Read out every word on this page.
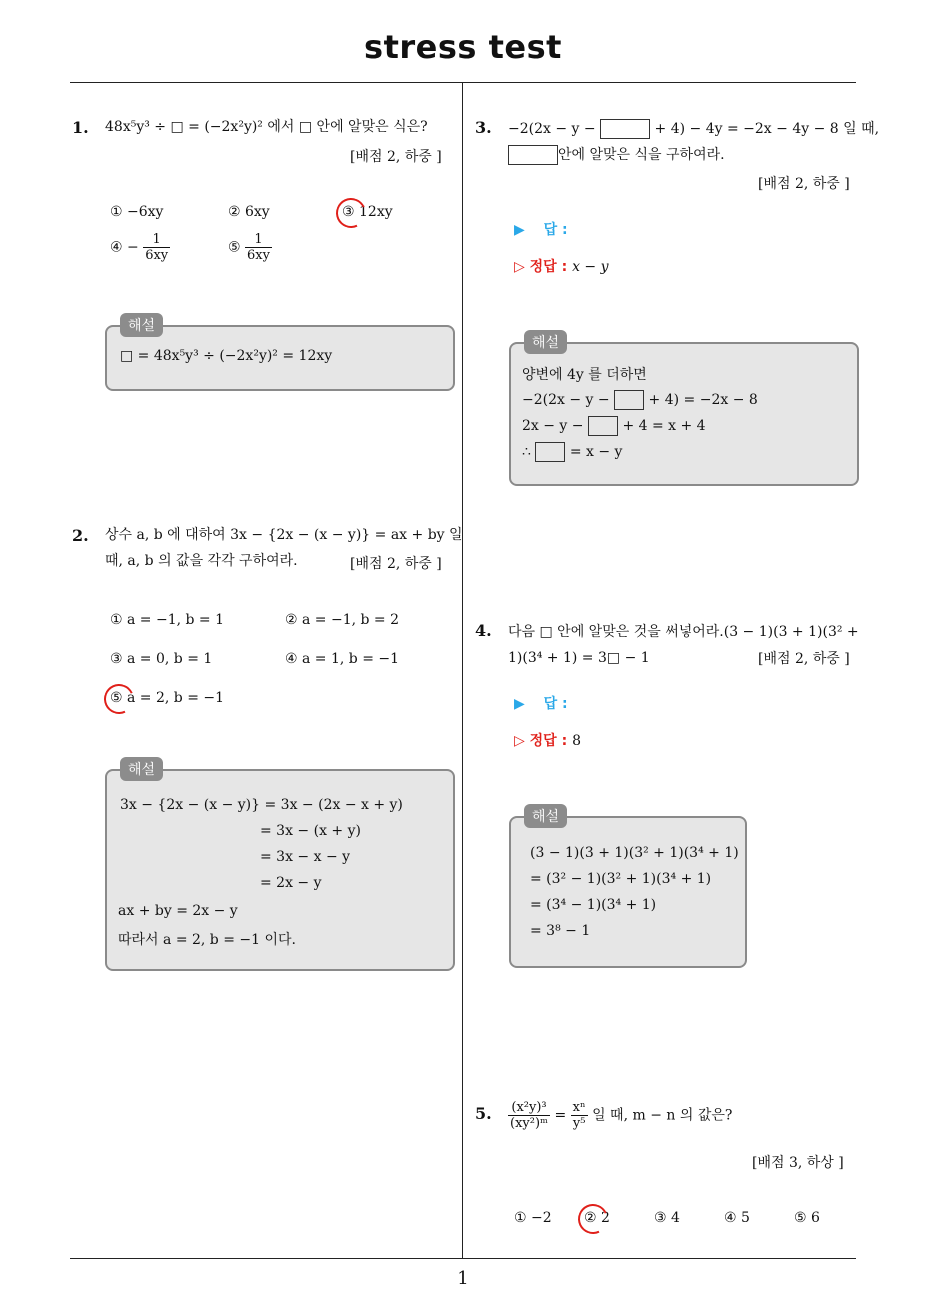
stress test
1
1. 48x⁵y³ ÷ □ = (−2x²y)² 에서 □ 안에 알맞은 식은?
[배점 2, 하중 ]
① −6xy	② 6xy	③ 12xy
④ − $\frac{1}{6xy}$	⑤ $\frac{1}{6xy}$
해설
□ = 48x⁵y³ ÷ (−2x²y)² = 12xy
2. 상수 a, b 에 대하여 3x − {2x − (x − y)} = ax + by 일
때, a, b 의 값을 각각 구하여라.	[배점 2, 하중 ]
① a = −1, b = 1	② a = −1, b = 2
③ a = 0, b = 1	④ a = 1, b = −1
⑤ a = 2, b = −1
해설
3x − {2x − (x − y)} = 3x − (2x − x + y)
= 3x − (x + y)
= 3x − x − y
= 2x − y
ax + by = 2x − y
따라서 a = 2, b = −1 이다.
3. −2(2x − y −	+ 4) − 4y = −2x − 4y − 8 일 때,
안에 알맞은 식을 구하여라.
[배점 2, 하중 ]
▶ 답 :
▷ 정답 : x − y
해설
양변에 4y 를 더하면
−2(2x − y −	+ 4) = −2x − 8
2x − y −	+ 4 = x + 4
∴	= x − y
4. 다음 □ 안에 알맞은 것을 써넣어라.(3 − 1)(3 + 1)(3² +
1)(3⁴ + 1) = 3□ − 1	[배점 2, 하중 ]
▶ 답 :
▷ 정답 : 8
해설
(3 − 1)(3 + 1)(3² + 1)(3⁴ + 1)
= (3² − 1)(3² + 1)(3⁴ + 1)
= (3⁴ − 1)(3⁴ + 1)
= 3⁸ − 1
5. $\frac{\text{(x²y)³}}{\text{(xy²)ᵐ}} = \frac{\text{xⁿ}}{\text{y⁵}}$ 일 때, m − n 의 값은?
[배점 3, 하상 ]
① −2 ② 2	③ 4	④ 5	⑤ 6
